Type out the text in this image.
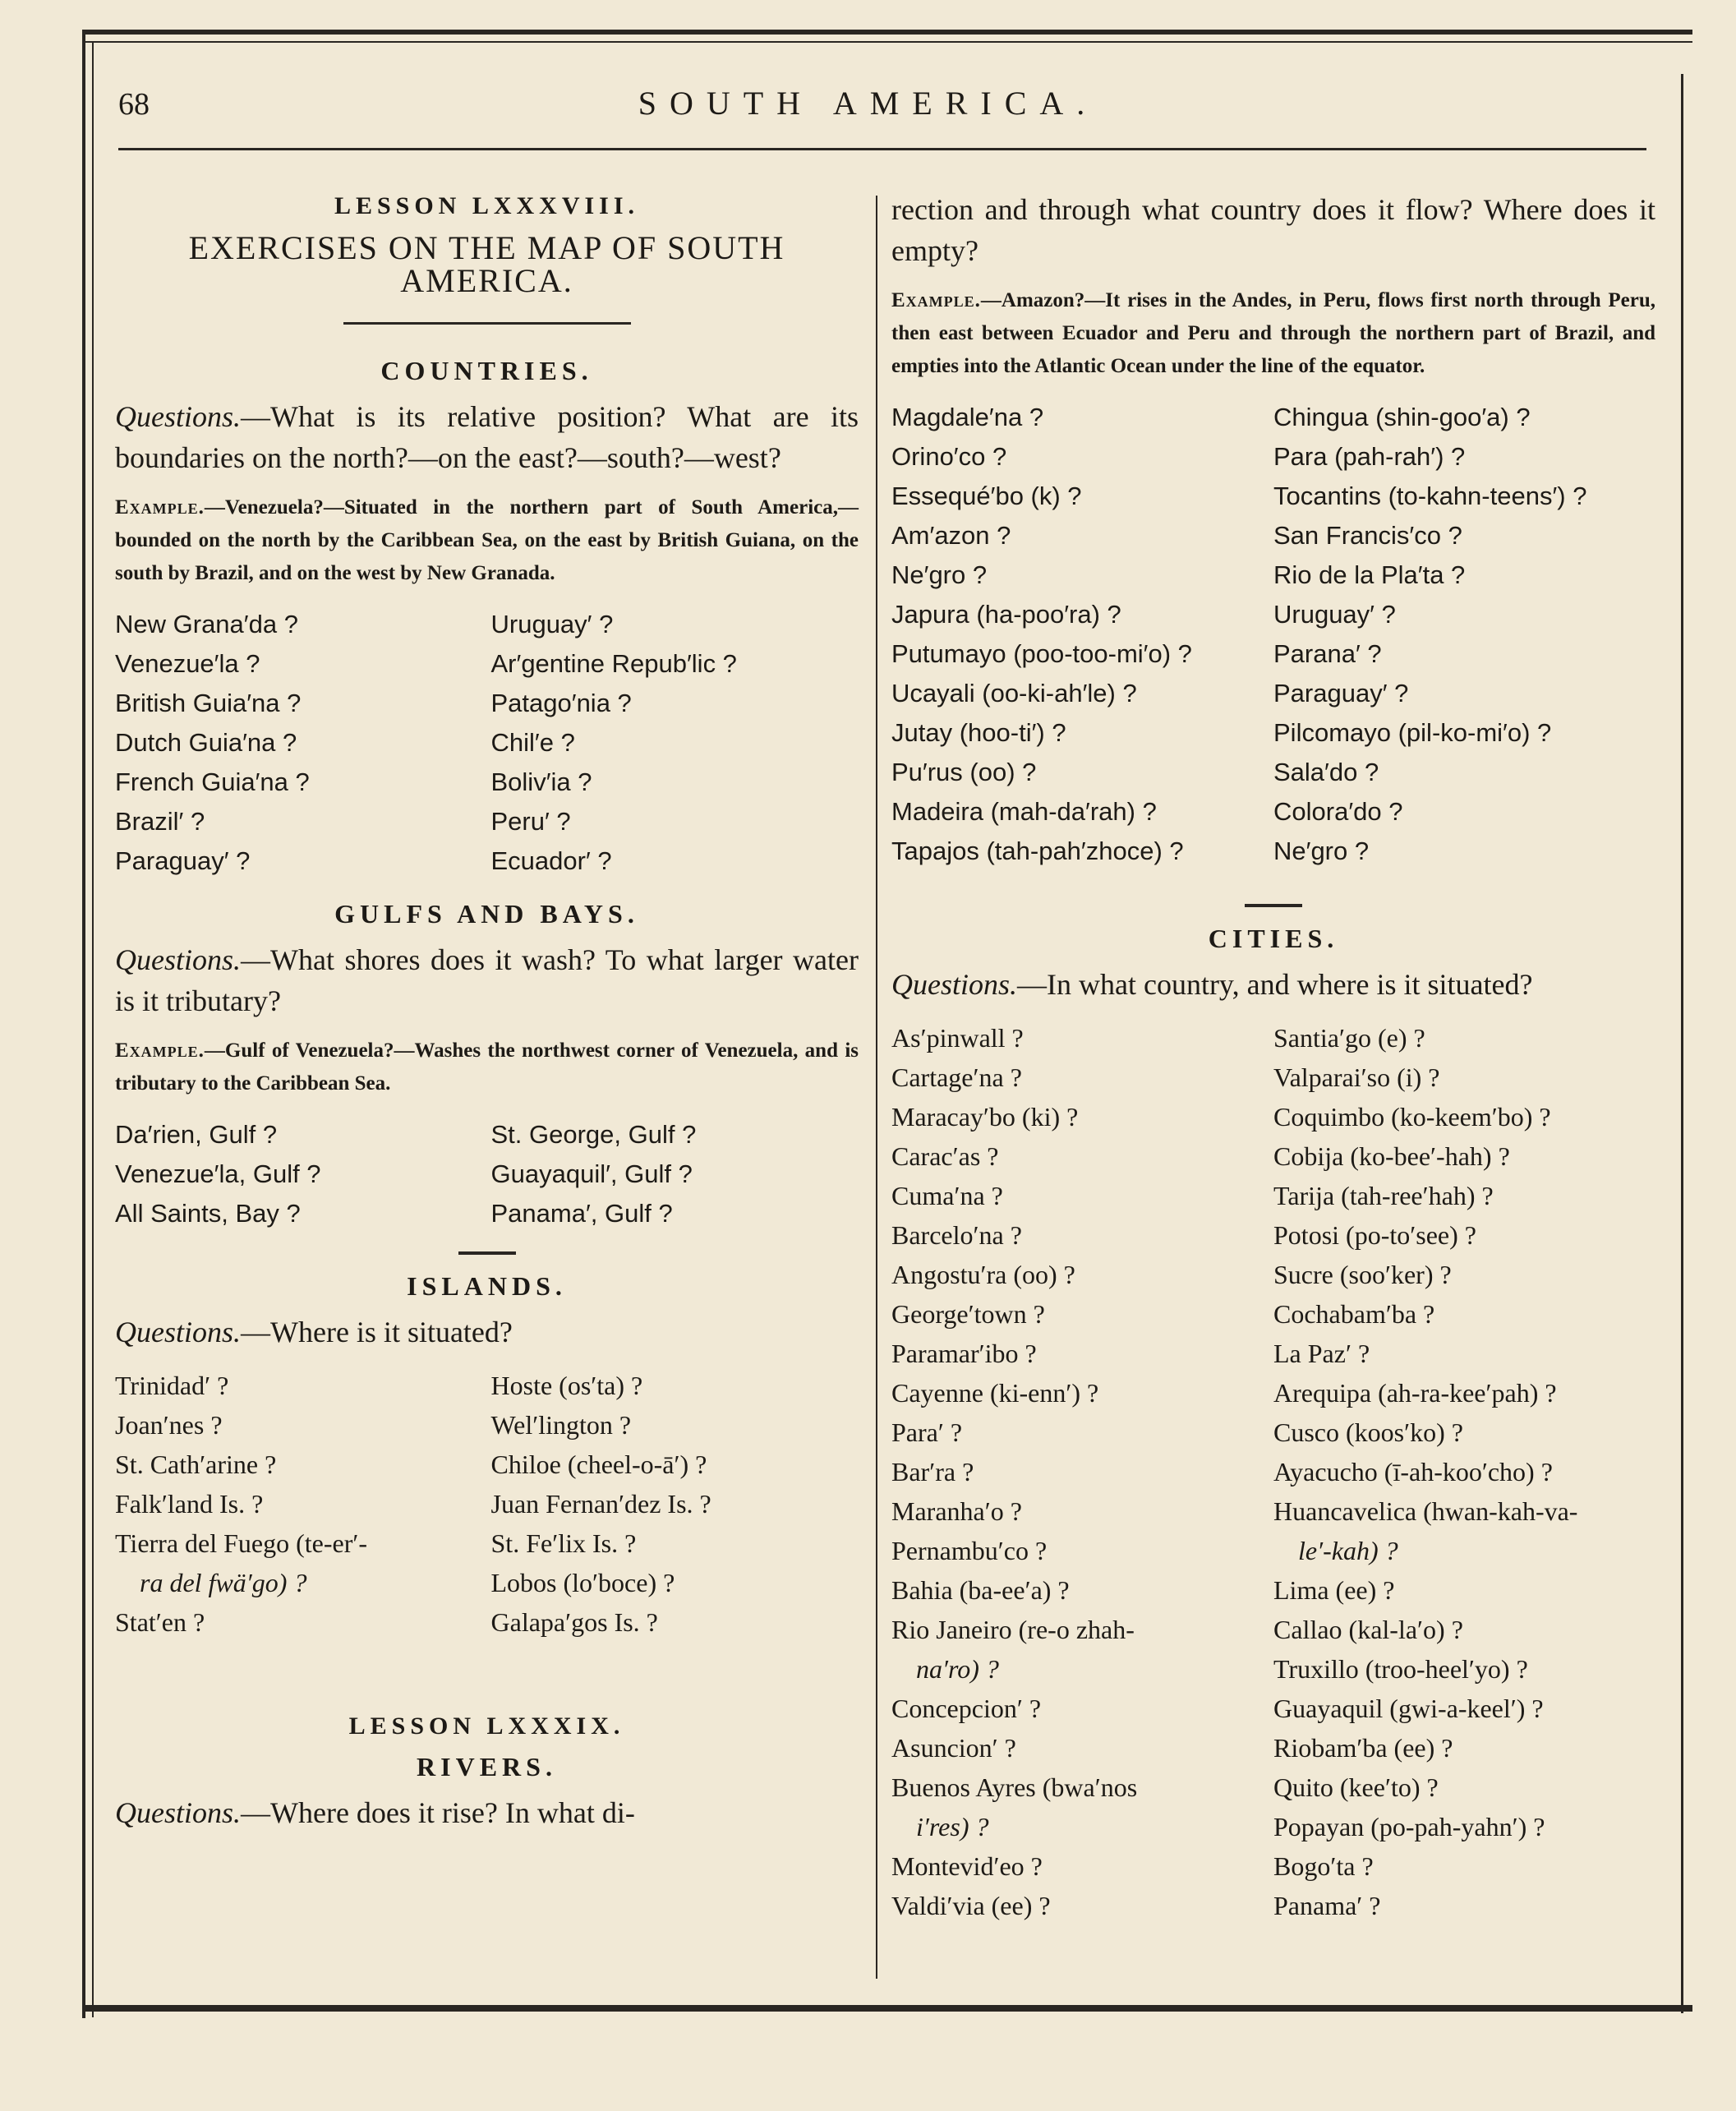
68	SOUTH AMERICA.
LESSON LXXXVIII.
EXERCISES ON THE MAP OF SOUTH AMERICA.
COUNTRIES.

Questions.—What is its relative position? What are its boundaries on the north?—on the east?—south?—west?

Example.—Venezuela?—Situated in the northern part of South America,—bounded on the north by the Caribbean Sea, on the east by British Guiana, on the south by Brazil, and on the west by New Granada.

New Grana′da ?
Venezue′la ?
British Guia′na ?
Dutch Guia′na ?
French Guia′na ?
Brazil′ ?
Paraguay′ ?
Uruguay′ ?
Ar′gentine Repub′lic ?
Patago′nia ?
Chil′e ?
Boliv′ia ?
Peru′ ?
Ecuador′ ?
GULFS AND BAYS.

Questions.—What shores does it wash? To what larger water is it tributary?

Example.—Gulf of Venezuela?—Washes the northwest corner of Venezuela, and is tributary to the Caribbean Sea.

Da′rien, Gulf ?
Venezue′la, Gulf ?
All Saints, Bay ?
St. George, Gulf ?
Guayaquil′, Gulf ?
Panama′, Gulf ?
ISLANDS.

Questions.—Where is it situated?

Trinidad′ ?
Joan′nes ?
St. Cath′arine ?
Falk′land Is. ?
Tierra del Fuego (te-er′-
ra del fwä′go) ?
Stat′en ?
Hoste (os′ta) ?
Wel′lington ?
Chiloe (cheel-o-ā′) ?
Juan Fernan′dez Is. ?
St. Fe′lix Is. ?
Lobos (lo′boce) ?
Galapa′gos Is. ?
LESSON LXXXIX.
RIVERS.

Questions.—Where does it rise? In what di-

rection and through what country does it flow? Where does it empty?

Example.—Amazon?—It rises in the Andes, in Peru, flows first north through Peru, then east between Ecuador and Peru and through the northern part of Brazil, and empties into the Atlantic Ocean under the line of the equator.

Magdale′na ?
Orino′co ?
Essequé′bo (k) ?
Am′azon ?
Ne′gro ?
Japura (ha-poo′ra) ?
Putumayo (poo-too-mi′o) ?
Ucayali (oo-ki-ah′le) ?
Jutay (hoo-ti′) ?
Pu′rus (oo) ?
Madeira (mah-da′rah) ?
Tapajos (tah-pah′zhoce) ?
Chingua (shin-goo′a) ?
Para (pah-rah′) ?
Tocantins (to-kahn-teens′) ?
San Francis′co ?
Rio de la Pla′ta ?
Uruguay′ ?
Parana′ ?
Paraguay′ ?
Pilcomayo (pil-ko-mi′o) ?
Sala′do ?
Colora′do ?
Ne′gro ?
CITIES.

Questions.—In what country, and where is it situated?

As′pinwall ?
Cartage′na ?
Maracay′bo (ki) ?
Carac′as ?
Cuma′na ?
Barcelo′na ?
Angostu′ra (oo) ?
George′town ?
Paramar′ibo ?
Cayenne (ki-enn′) ?
Para′ ?
Bar′ra ?
Maranha′o ?
Pernambu′co ?
Bahia (ba-ee′a) ?
Rio Janeiro (re-o zhah-
na′ro) ?
Concepcion′ ?
Asuncion′ ?
Buenos Ayres (bwa′nos
i′res) ?
Montevid′eo ?
Valdi′via (ee) ?
Santia′go (e) ?
Valparai′so (i) ?
Coquimbo (ko-keem′bo) ?
Cobija (ko-bee′-hah) ?
Tarija (tah-ree′hah) ?
Potosi (po-to′see) ?
Sucre (soo′ker) ?
Cochabam′ba ?
La Paz′ ?
Arequipa (ah-ra-kee′pah) ?
Cusco (koos′ko) ?
Ayacucho (ī-ah-koo′cho) ?
Huancavelica (hwan-kah-va-
le′-kah) ?
Lima (ee) ?
Callao (kal-la′o) ?
Truxillo (troo-heel′yo) ?
Guayaquil (gwi-a-keel′) ?
Riobam′ba (ee) ?
Quito (kee′to) ?
Popayan (po-pah-yahn′) ?
Bogo′ta ?
Panama′ ?
